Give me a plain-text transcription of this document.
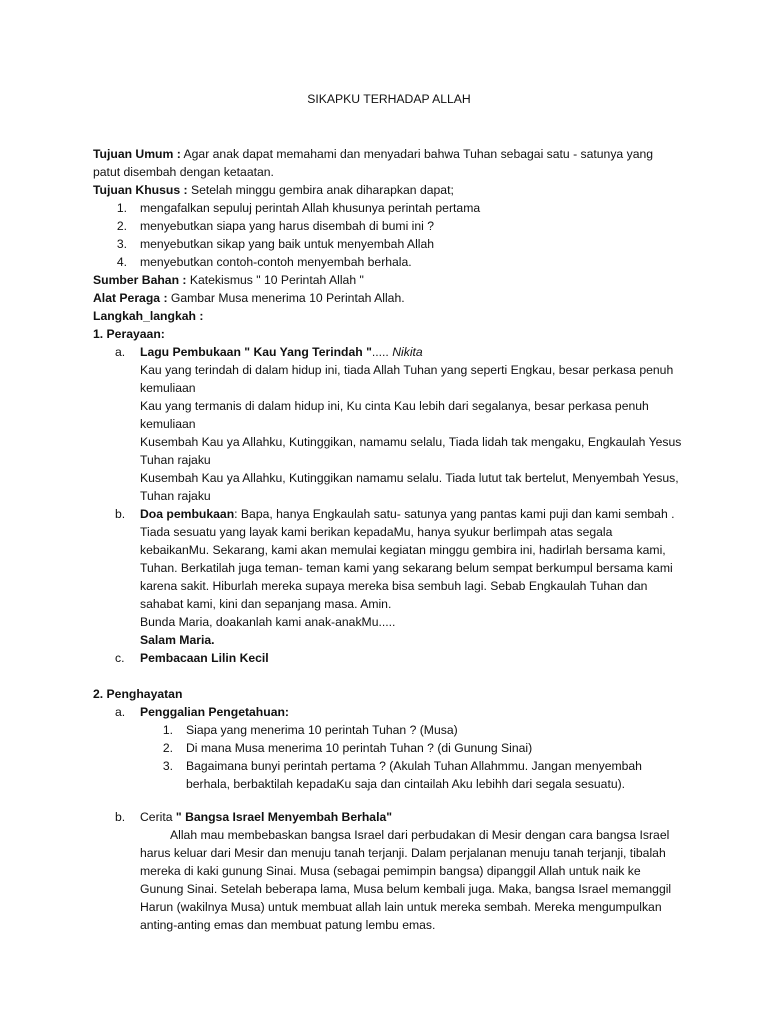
SIKAPKU TERHADAP ALLAH

Tujuan Umum : Agar anak dapat memahami dan menyadari bahwa Tuhan sebagai satu - satunya yang patut disembah dengan ketaatan.

Tujuan Khusus : Setelah minggu gembira anak diharapkan dapat;

1. mengafalkan sepuluj perintah Allah khusunya perintah pertama
2. menyebutkan siapa yang harus disembah di bumi ini ?
3. menyebutkan sikap yang baik untuk menyembah Allah
4. menyebutkan contoh-contoh menyembah berhala.

Sumber Bahan : Katekismus " 10 Perintah Allah "

Alat Peraga : Gambar Musa menerima 10 Perintah Allah.

Langkah_langkah :

1. Perayaan:

a. Lagu Pembukaan " Kau Yang Terindah "..... Nikita

Kau yang terindah di dalam hidup ini, tiada Allah Tuhan yang seperti Engkau, besar perkasa penuh kemuliaan

Kau yang termanis di dalam hidup ini, Ku cinta Kau lebih dari segalanya, besar perkasa penuh kemuliaan

Kusembah Kau ya Allahku, Kutinggikan, namamu selalu, Tiada lidah tak mengaku, Engkaulah Yesus Tuhan rajaku

Kusembah Kau ya Allahku, Kutinggikan namamu selalu. Tiada lutut tak bertelut, Menyembah Yesus, Tuhan rajaku

b. Doa pembukaan: Bapa, hanya Engkaulah satu- satunya yang pantas kami puji dan kami sembah . Tiada sesuatu yang layak kami berikan kepadaMu, hanya syukur berlimpah atas segala kebaikanMu. Sekarang, kami akan memulai kegiatan minggu gembira ini, hadirlah bersama kami, Tuhan. Berkatilah juga teman- teman kami yang sekarang belum sempat berkumpul bersama kami karena sakit. Hiburlah mereka supaya mereka bisa sembuh lagi. Sebab Engkaulah Tuhan dan sahabat kami, kini dan sepanjang masa. Amin.

Bunda Maria, doakanlah kami anak-anakMu.....

Salam Maria.

c. Pembacaan Lilin Kecil

2. Penghayatan

a. Penggalian Pengetahuan:

1. Siapa yang menerima 10 perintah Tuhan ? (Musa)
2. Di mana Musa menerima 10 perintah Tuhan ? (di Gunung Sinai)
3. Bagaimana bunyi perintah pertama ? (Akulah Tuhan Allahmmu. Jangan menyembah berhala, berbaktilah kepadaKu saja dan cintailah Aku lebihh dari segala sesuatu).
b. Cerita " Bangsa Israel Menyembah Berhala"

Allah mau membebaskan bangsa Israel dari perbudakan di Mesir dengan cara bangsa Israel harus keluar dari Mesir dan menuju tanah terjanji. Dalam perjalanan menuju tanah terjanji, tibalah mereka di kaki gunung Sinai. Musa (sebagai pemimpin bangsa) dipanggil Allah untuk naik ke Gunung Sinai. Setelah beberapa lama, Musa belum kembali juga. Maka, bangsa Israel memanggil Harun (wakilnya Musa) untuk membuat allah lain untuk mereka sembah. Mereka mengumpulkan anting-anting emas dan membuat patung lembu emas.
